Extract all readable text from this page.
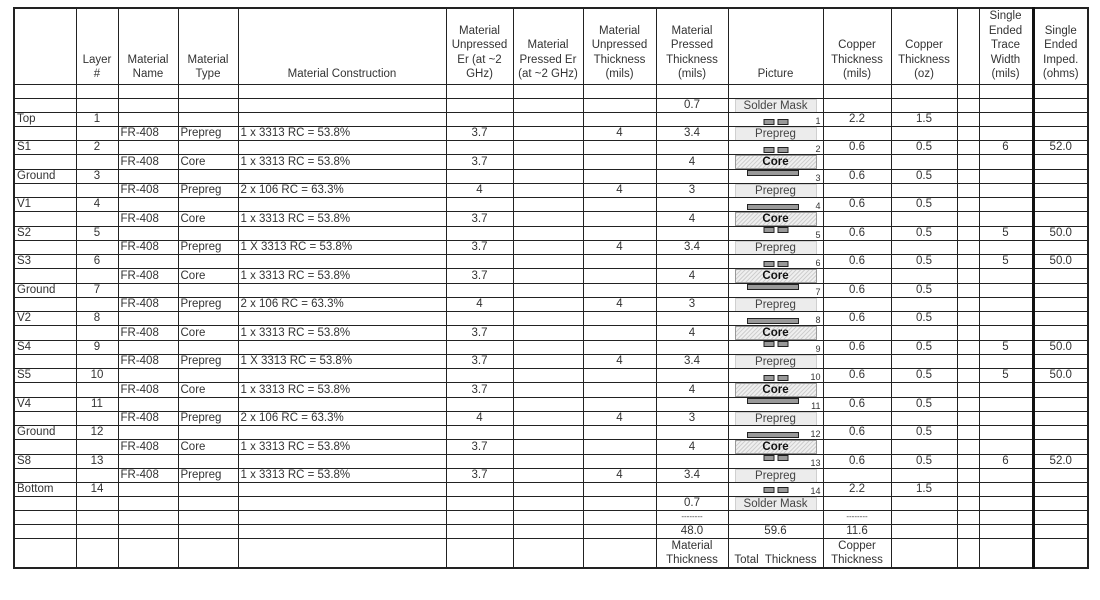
	Layer #	Material Name	Material Type	Material Construction	Material Unpressed Er (at ~2 GHz)	Material Pressed Er (at ~2 GHz)	Material Unpressed Thickness (mils)	Material Pressed Thickness (mils)	Picture	Copper Thickness (mils)	Copper Thickness (oz)		Single Ended Trace Width (mils)	Single Ended Imped. (ohms)

								0.7	Solder Mask					

Top	1								1	2.2	1.5			
		FR-408	Prepreg	1 x 3313 RC = 53.8%	3.7		4	3.4	Prepreg					

S1	2								2	0.6	0.5		6	52.0
		FR-408	Core	1 x 3313 RC = 53.8%	3.7			4	Core					

Ground	3								3	0.6	0.5			
		FR-408	Prepreg	2 x 106 RC = 63.3%	4		4	3	Prepreg					

V1	4								4	0.6	0.5			
		FR-408	Core	1 x 3313 RC = 53.8%	3.7			4	Core					

S2	5								5	0.6	0.5		5	50.0
		FR-408	Prepreg	1 X 3313 RC = 53.8%	3.7		4	3.4	Prepreg					

S3	6								6	0.6	0.5		5	50.0
		FR-408	Core	1 x 3313 RC = 53.8%	3.7			4	Core					

Ground	7								7	0.6	0.5			
		FR-408	Prepreg	2 x 106 RC = 63.3%	4		4	3	Prepreg					

V2	8								8	0.6	0.5			
		FR-408	Core	1 x 3313 RC = 53.8%	3.7			4	Core					

S4	9								9	0.6	0.5		5	50.0
		FR-408	Prepreg	1 X 3313 RC = 53.8%	3.7		4	3.4	Prepreg					

S5	10								10	0.6	0.5		5	50.0
		FR-408	Core	1 x 3313 RC = 53.8%	3.7			4	Core					

V4	11								11	0.6	0.5			
		FR-408	Prepreg	2 x 106 RC = 63.3%	4		4	3	Prepreg					

Ground	12								12	0.6	0.5			
		FR-408	Core	1 x 3313 RC = 53.8%	3.7			4	Core					

S8	13								13	0.6	0.5		6	52.0
		FR-408	Prepreg	1 x 3313 RC = 53.8%	3.7		4	3.4	Prepreg					

Bottom	14								14	2.2	1.5			
								0.7	Solder Mask					

								--------		--------				
								48.0	59.6	11.6				
								Material Thickness	Total  Thickness	Copper Thickness				
